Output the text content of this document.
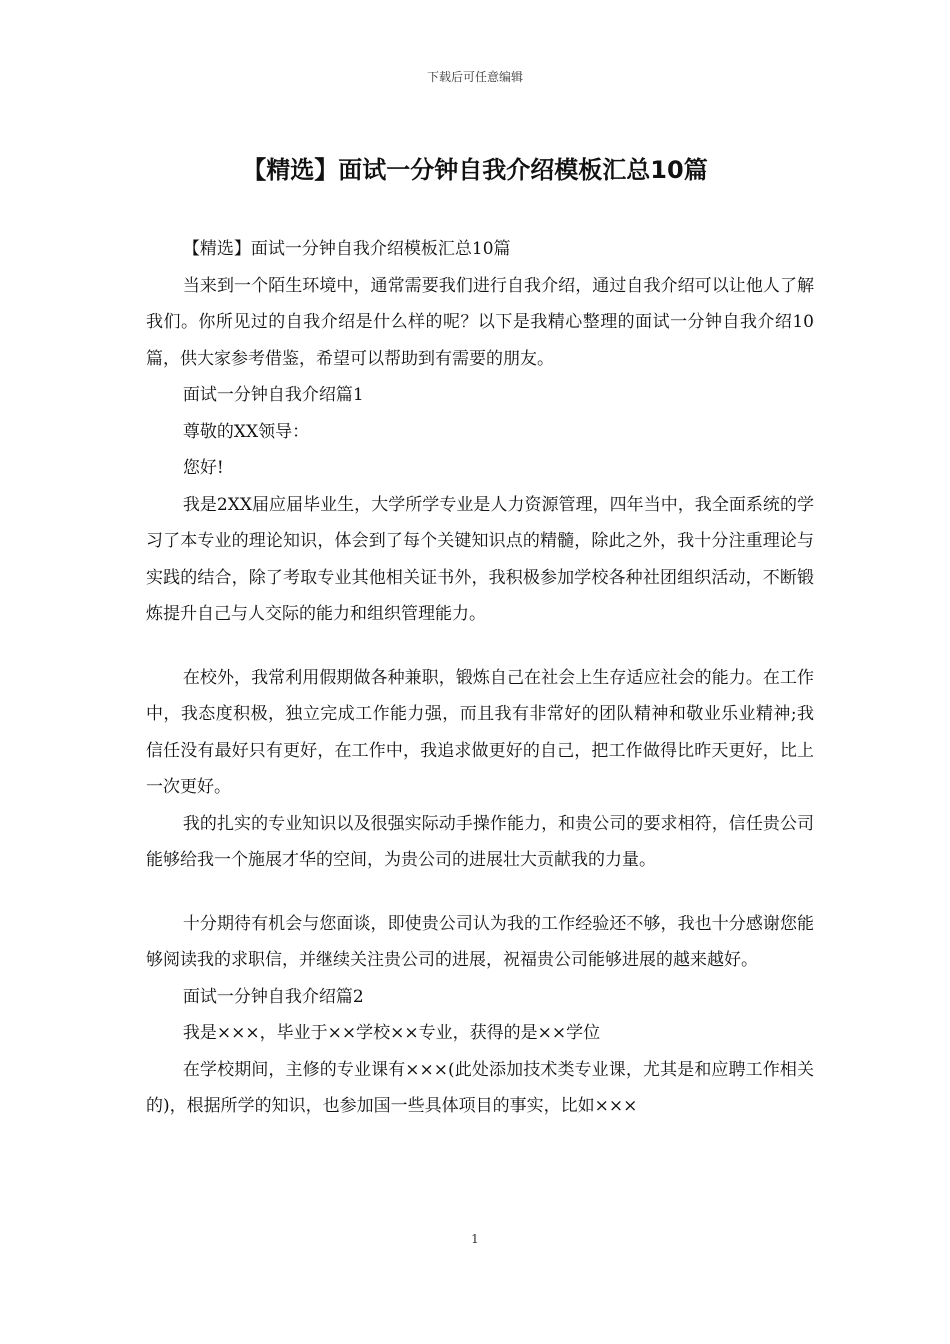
下载后可任意编辑
【精选】面试一分钟自我介绍模板汇总10篇

【精选】面试一分钟自我介绍模板汇总10篇

当来到一个陌生环境中，通常需要我们进行自我介绍，通过自我介绍可以让他人了解我们。你所见过的自我介绍是什么样的呢？以下是我精心整理的面试一分钟自我介绍10篇，供大家参考借鉴，希望可以帮助到有需要的朋友。

面试一分钟自我介绍篇1

尊敬的XX领导：

您好!

我是2XX届应届毕业生，大学所学专业是人力资源管理，四年当中，我全面系统的学习了本专业的理论知识，体会到了每个关键知识点的精髓，除此之外，我十分注重理论与实践的结合，除了考取专业其他相关证书外，我积极参加学校各种社团组织活动，不断锻炼提升自己与人交际的能力和组织管理能力。

在校外，我常利用假期做各种兼职，锻炼自己在社会上生存适应社会的能力。在工作中，我态度积极，独立完成工作能力强，而且我有非常好的团队精神和敬业乐业精神;我信任没有最好只有更好，在工作中，我追求做更好的自己，把工作做得比昨天更好，比上一次更好。

我的扎实的专业知识以及很强实际动手操作能力，和贵公司的要求相符，信任贵公司能够给我一个施展才华的空间，为贵公司的进展壮大贡献我的力量。

十分期待有机会与您面谈，即使贵公司认为我的工作经验还不够，我也十分感谢您能够阅读我的求职信，并继续关注贵公司的进展，祝福贵公司能够进展的越来越好。

面试一分钟自我介绍篇2

我是×××，毕业于××学校××专业，获得的是××学位

在学校期间，主修的专业课有×××(此处添加技术类专业课，尤其是和应聘工作相关的)，根据所学的知识，也参加国一些具体项目的事实，比如×××

1
